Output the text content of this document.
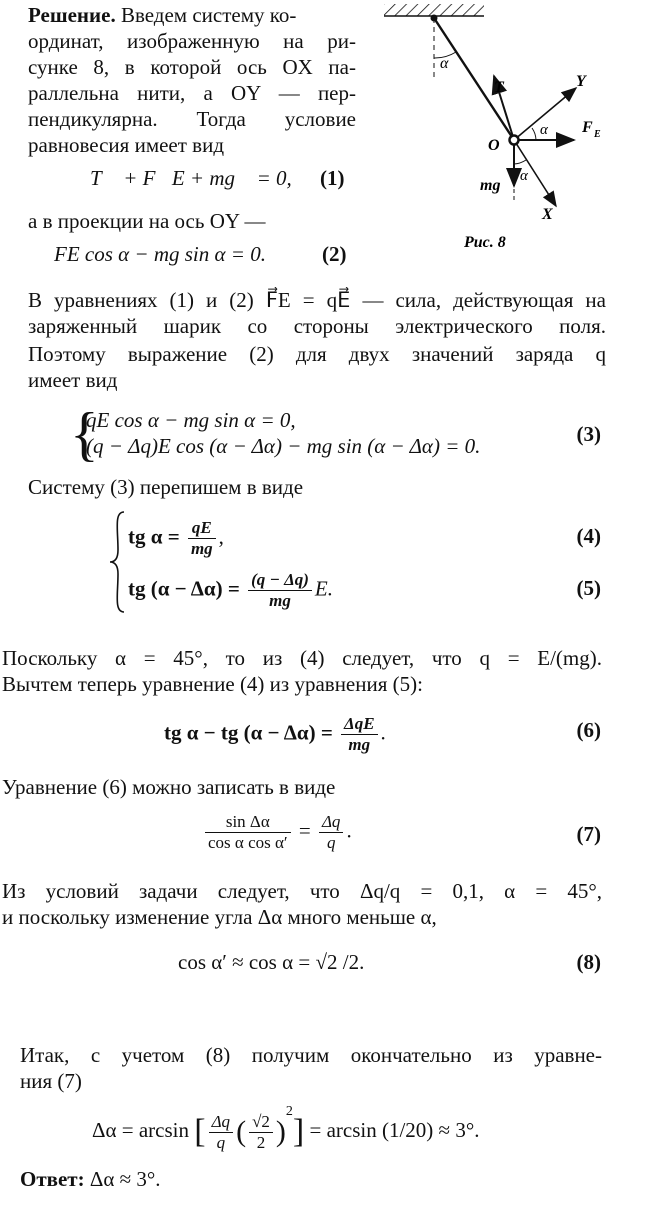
Решение. Введем систему ко-
ординат, изображенную на ри-
сунке 8, в которой ось OX па-
раллельна нити, а OY — пер-
пендикулярна. Тогда условие
равновесия имеет вид
T⃗ + F⃗E + mg⃗ = 0, (1)
а в проекции на ось OY —
FE cos α − mg sin α = 0.	(2)
α
T	Y
α F E
O
α
mg
X
Рис. 8
В уравнениях (1) и (2) F⃗E = qE⃗ — сила, действующая на
заряженный шарик со стороны электрического поля.
Поэтому выражение (2) для двух значений заряда q
имеет вид
{
qE cos α − mg sin α = 0,
(q − Δq)E cos (α − Δα) − mg sin (α − Δα) = 0.	(3)
Систему (3) перепишем в виде
tg $\alpha = \frac{qE}{mg}$ ,	(4)
tg $(\alpha - \Delta\alpha) = \frac{(q - \Delta q)}{mg} E$.	(5)
Поскольку α = 45°, то из (4) следует, что q = E/(mg).
Вычтем теперь уравнение (4) из уравнения (5):
tg α − tg $(\alpha - \Delta\alpha) = \frac{\text{ΔqE}}{mg}$ .	(6)
Уравнение (6) можно записать в виде
$\frac{\text{sin Δα}}{\text{cos α cos α′}} = \frac{\Delta q}{q}$ .	(7)
Из условий задачи следует, что Δq/q = 0,1, α = 45°,
и поскольку изменение угла Δα много меньше α,
cos α′ ≈ cos α = √2 /2.	(8)
Итак, с учетом (8) получим окончательно из уравне-
ния (7)
Δα = arcsin [ $\frac{\Delta q}{q}$ ( $\frac{√2}{2} )^2] = \arcsin (1/20) \approx 3^\circ$.
Ответ: Δα ≈ 3°.
